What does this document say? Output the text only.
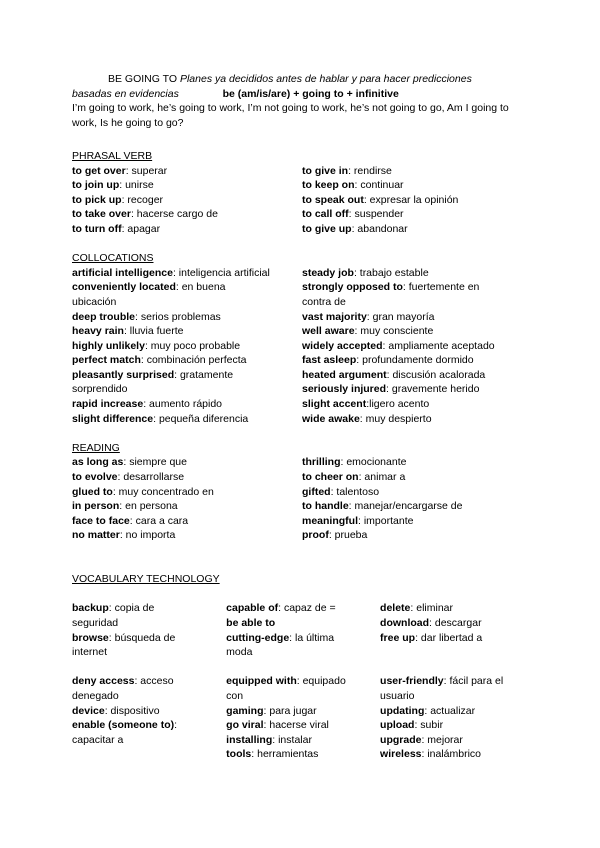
BE GOING TO Planes ya decididos antes de hablar y para hacer predicciones
basadas en evidencias	be (am/is/are) + going to + infinitive
I’m going to work, he’s going to work, I’m not going to work, he’s not going to go, Am I going to work, Is he going to go?
PHRASAL VERB
to get over: superar
to join up: unirse
to pick up: recoger
to take over: hacerse cargo de
to turn off: apagar
to give in: rendirse
to keep on: continuar
to speak out: expresar la opinión
to call off: suspender
to give up: abandonar
COLLOCATIONS
artificial intelligence: inteligencia artificial
conveniently located: en buena ubicación
deep trouble: serios problemas
heavy rain: lluvia fuerte
highly unlikely: muy poco probable
perfect match: combinación perfecta
pleasantly surprised: gratamente sorprendido
rapid increase: aumento rápido
slight difference: pequeña diferencia
steady job: trabajo estable
strongly opposed to: fuertemente en contra de
vast majority: gran mayoría
well aware: muy consciente
widely accepted: ampliamente aceptado
fast asleep: profundamente dormido
heated argument: discusión acalorada
seriously injured: gravemente herido
slight accent:ligero acento
wide awake: muy despierto
READING
as long as: siempre que
to evolve: desarrollarse
glued to: muy concentrado en
in person: en persona
face to face: cara a cara
no matter: no importa
thrilling: emocionante
to cheer on: animar a
gifted: talentoso
to handle: manejar/encargarse de
meaningful: importante
proof: prueba
VOCABULARY TECHNOLOGY
backup: copia de seguridad
browse: búsqueda de internet
capable of: capaz de =
be able to
cutting-edge: la última moda
delete: eliminar
download: descargar
free up: dar libertad a
deny access: acceso denegado
device: dispositivo
enable (someone to): capacitar a
equipped with: equipado con
gaming: para jugar
go viral: hacerse viral
installing: instalar
tools: herramientas
user-friendly: fácil para el usuario
updating: actualizar
upload: subir
upgrade: mejorar
wireless: inalámbrico
